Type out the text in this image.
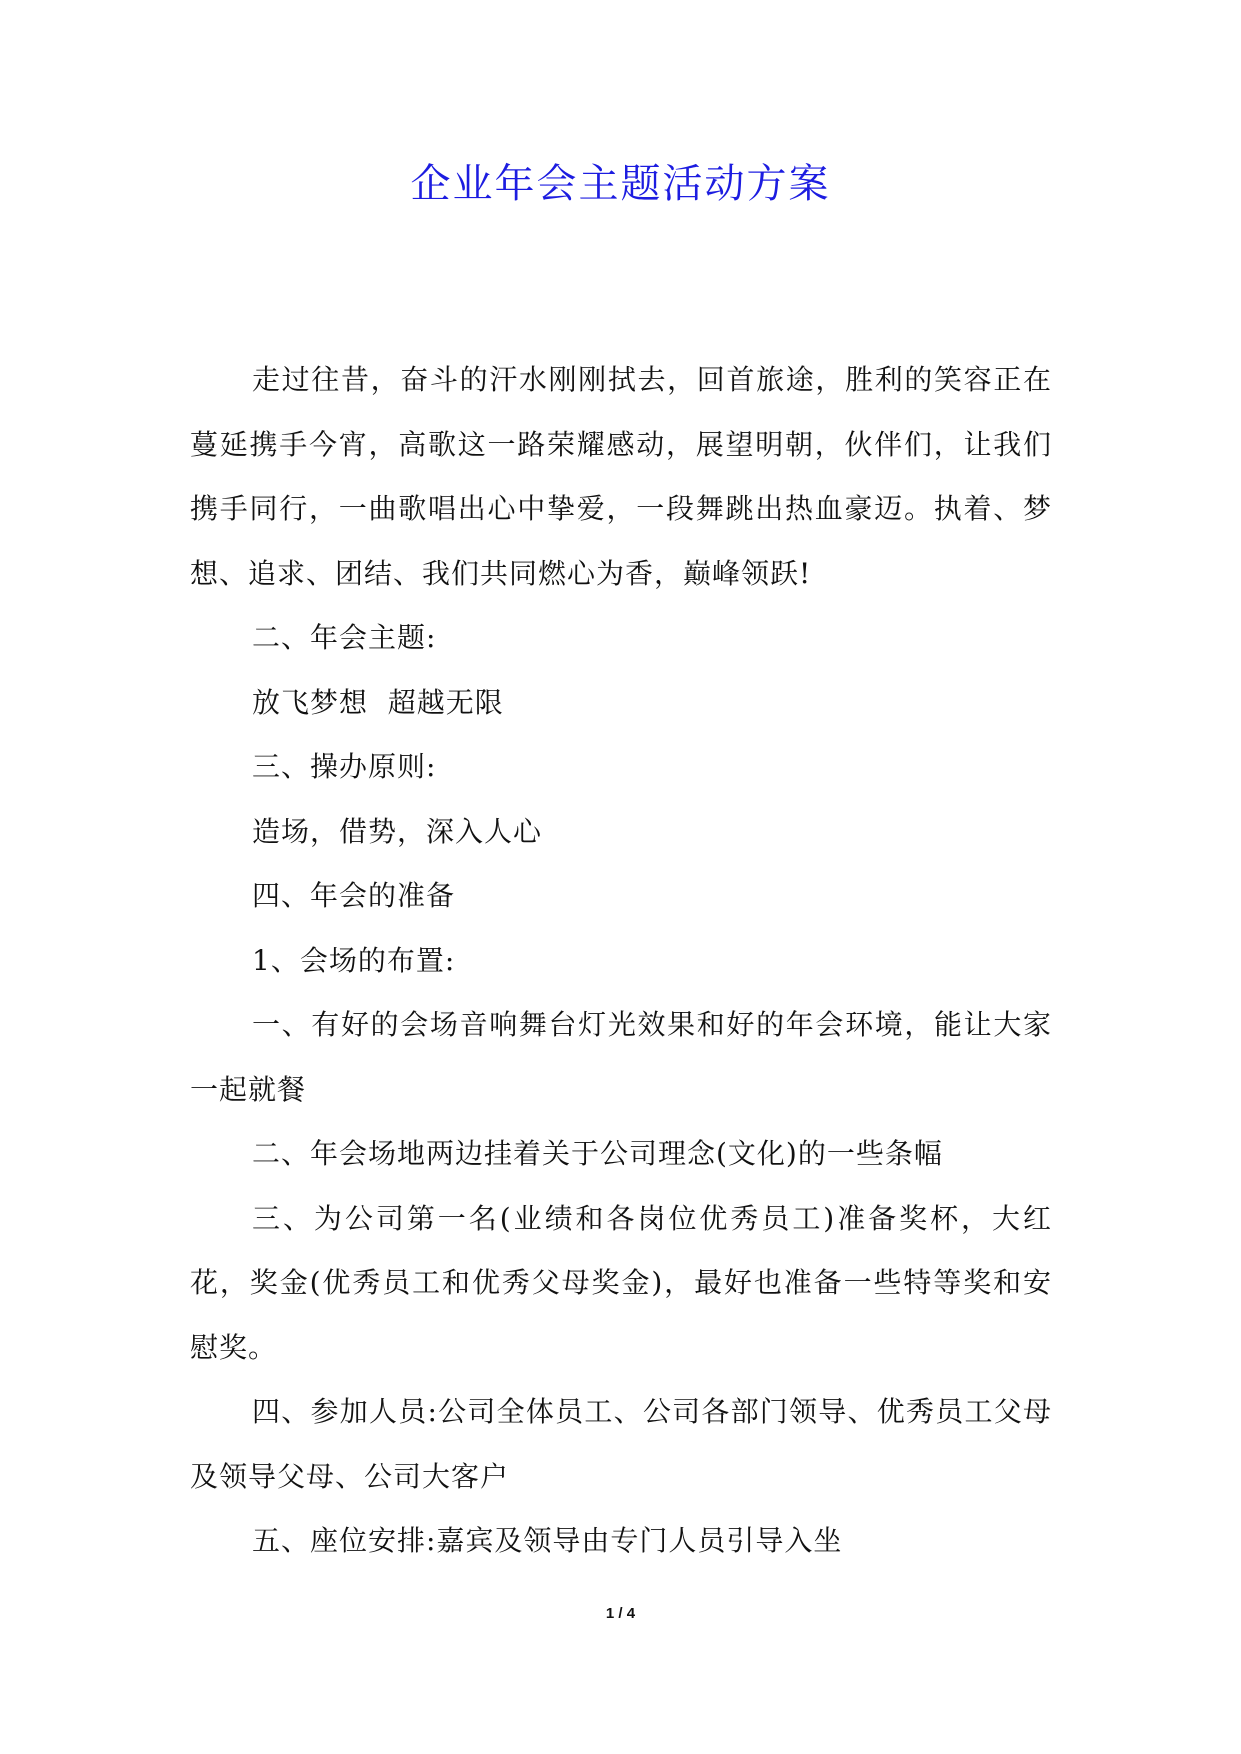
企业年会主题活动方案

走过往昔，奋斗的汗水刚刚拭去，回首旅途，胜利的笑容正在蔓延携手今宵，高歌这一路荣耀感动，展望明朝，伙伴们，让我们携手同行，一曲歌唱出心中挚爱，一段舞跳出热血豪迈。执着、梦想、追求、团结、我们共同燃心为香，巅峰领跃!

二、年会主题:

放飞梦想  超越无限

三、操办原则:

造场，借势，深入人心

四、年会的准备

1、会场的布置:

一、有好的会场音响舞台灯光效果和好的年会环境，能让大家一起就餐

二、年会场地两边挂着关于公司理念(文化)的一些条幅

三、为公司第一名(业绩和各岗位优秀员工)准备奖杯，大红花，奖金(优秀员工和优秀父母奖金)，最好也准备一些特等奖和安慰奖。

四、参加人员:公司全体员工、公司各部门领导、优秀员工父母及领导父母、公司大客户

五、座位安排:嘉宾及领导由专门人员引导入坐

1 / 4
